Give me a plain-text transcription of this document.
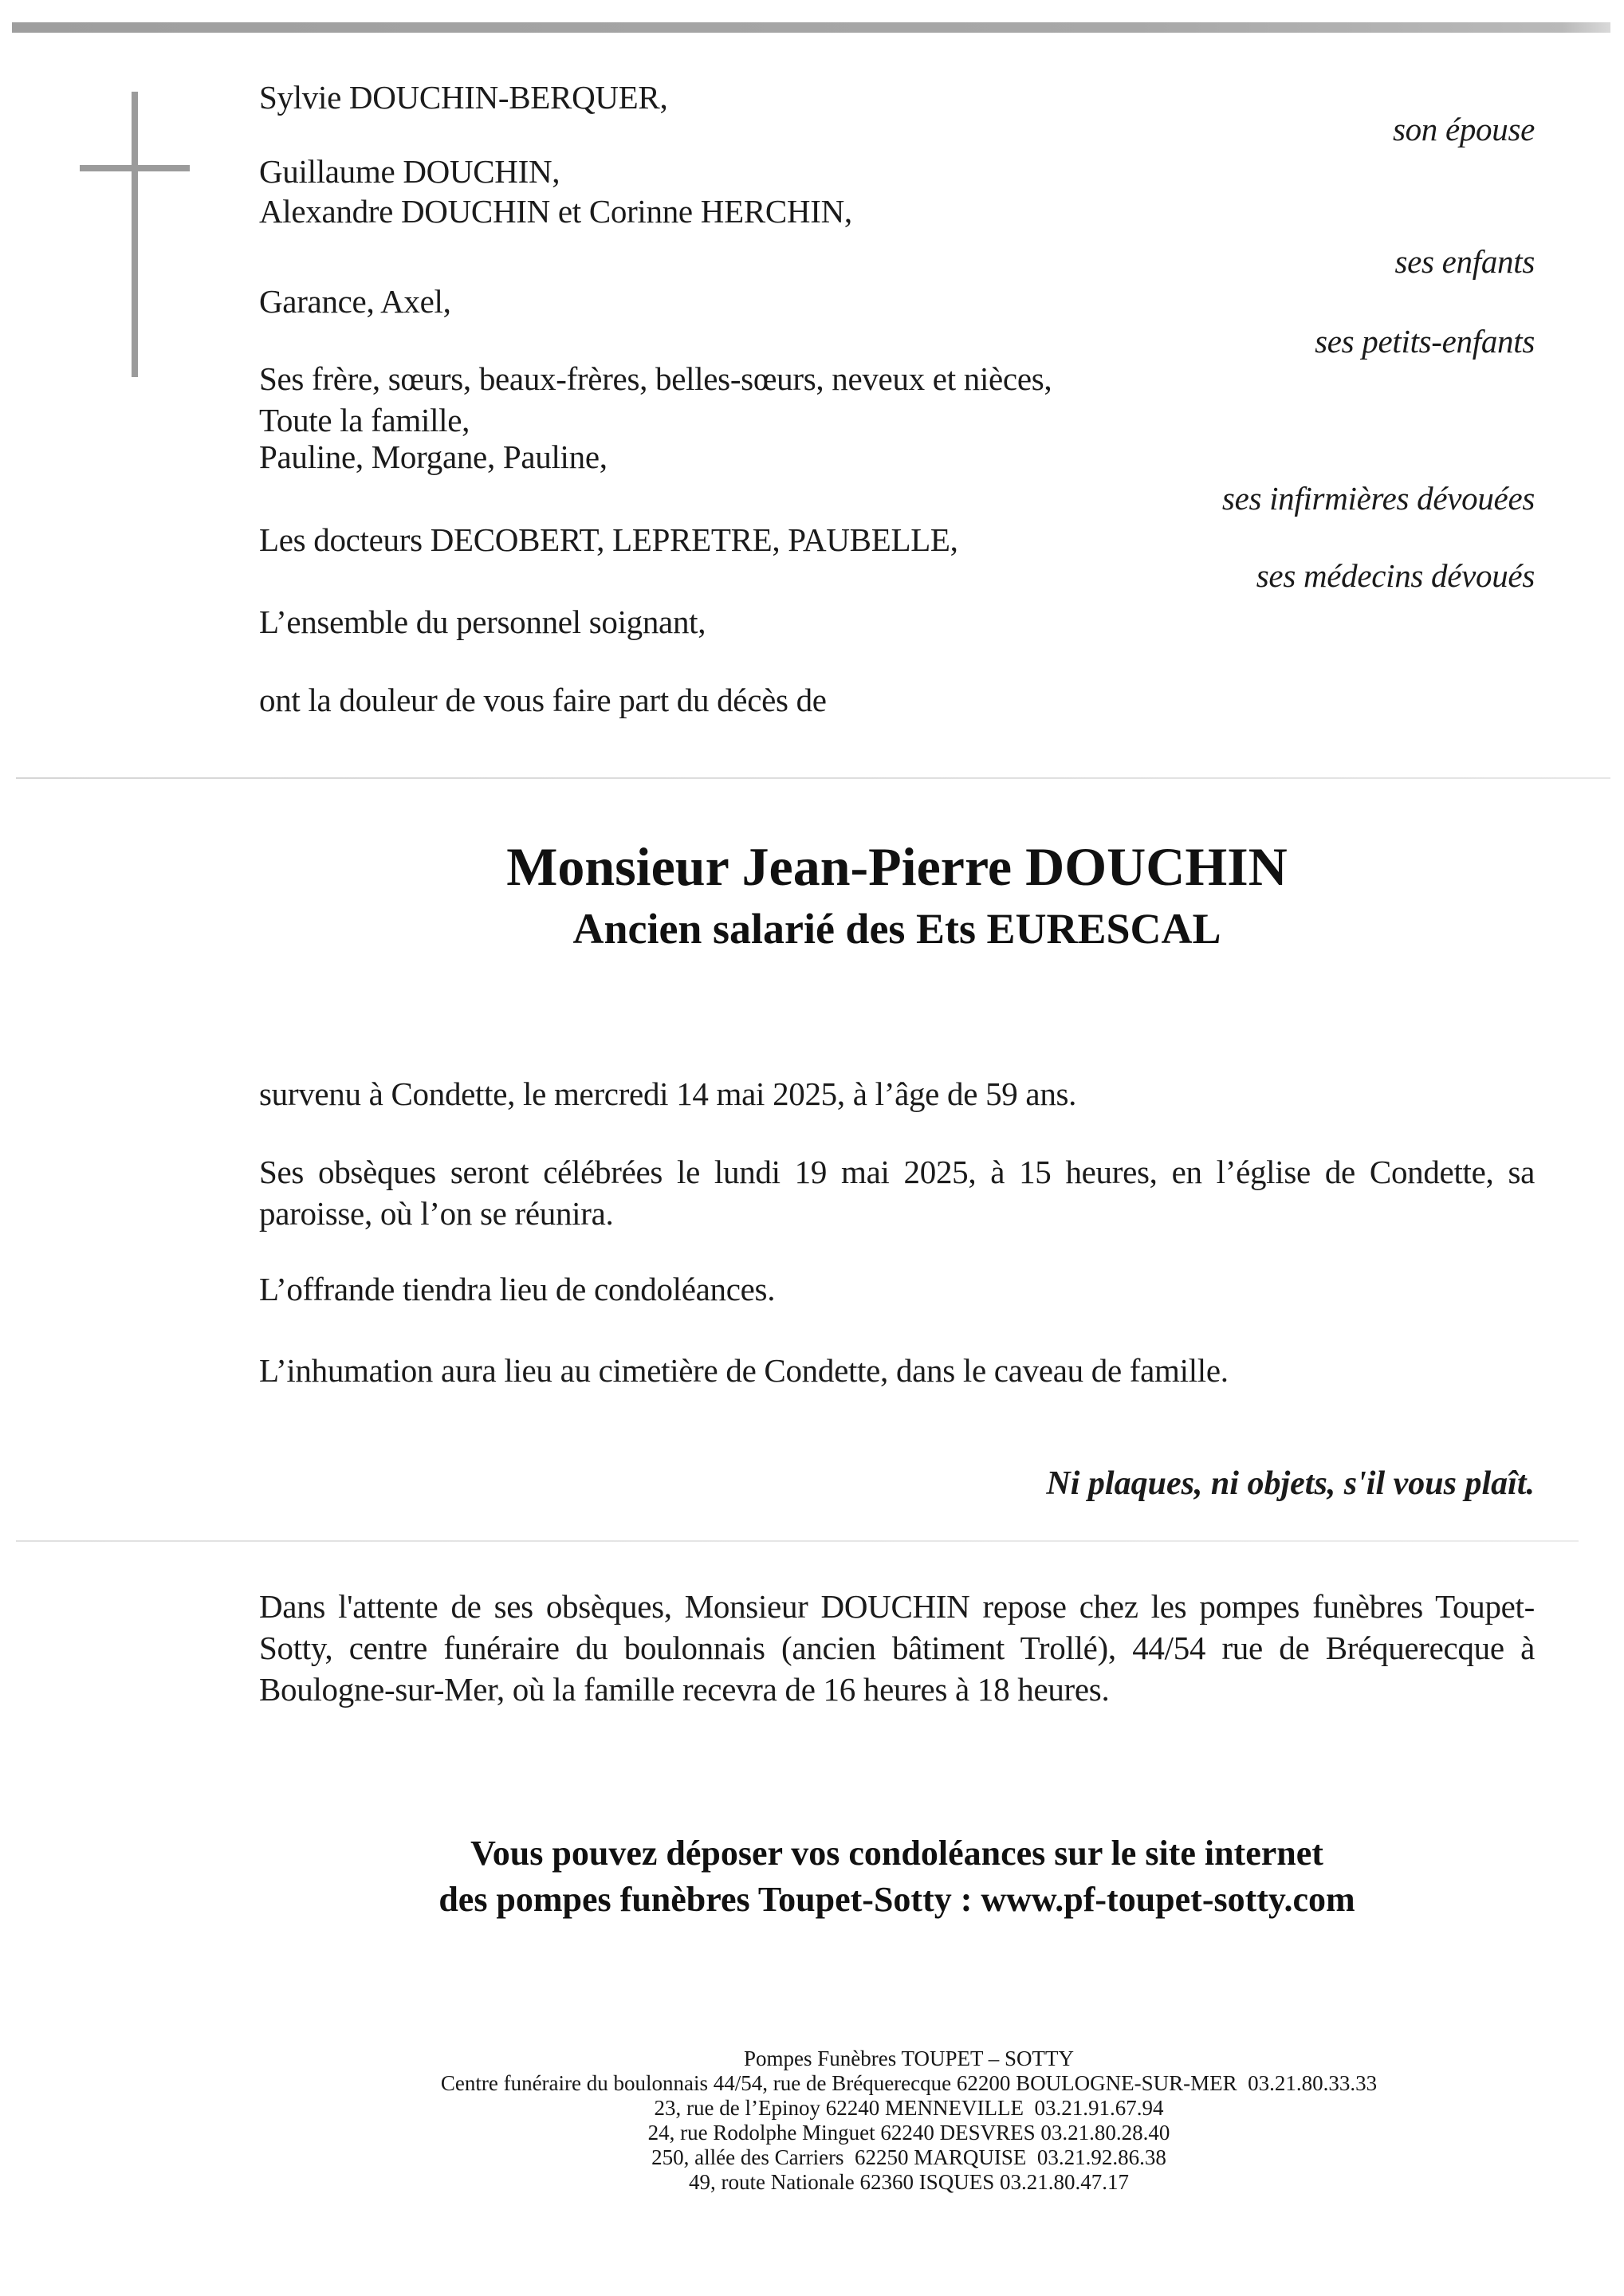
Sylvie DOUCHIN-BERQUER,
son épouse
Guillaume DOUCHIN,
Alexandre DOUCHIN et Corinne HERCHIN,
ses enfants
Garance, Axel,
ses petits-enfants
Ses frère, sœurs, beaux-frères, belles-sœurs, neveux et nièces,
Toute la famille,
Pauline, Morgane, Pauline,
ses infirmières dévouées
Les docteurs DECOBERT, LEPRETRE, PAUBELLE,
ses médecins dévoués
L’ensemble du personnel soignant,
ont la douleur de vous faire part du décès de
Monsieur Jean-Pierre DOUCHIN
Ancien salarié des Ets EURESCAL
survenu à Condette, le mercredi 14 mai 2025, à l’âge de 59 ans.
Ses obsèques seront célébrées le lundi 19 mai 2025, à 15 heures, en l’église de Condette, sa paroisse, où l’on se réunira.
L’offrande tiendra lieu de condoléances.
L’inhumation aura lieu au cimetière de Condette, dans le caveau de famille.
Ni plaques, ni objets, s'il vous plaît.
Dans l'attente de ses obsèques, Monsieur DOUCHIN repose chez les pompes funèbres Toupet-Sotty, centre funéraire du boulonnais (ancien bâtiment Trollé), 44/54 rue de Bréquerecque à Boulogne-sur-Mer, où la famille recevra de 16 heures à 18 heures.
Vous pouvez déposer vos condoléances sur le site internet
des pompes funèbres Toupet-Sotty : www.pf-toupet-sotty.com
Pompes Funèbres TOUPET – SOTTY
Centre funéraire du boulonnais 44/54, rue de Bréquerecque 62200 BOULOGNE-SUR-MER  03.21.80.33.33
23, rue de l’Epinoy 62240 MENNEVILLE  03.21.91.67.94
24, rue Rodolphe Minguet 62240 DESVRES 03.21.80.28.40
250, allée des Carriers  62250 MARQUISE  03.21.92.86.38
49, route Nationale 62360 ISQUES 03.21.80.47.17
